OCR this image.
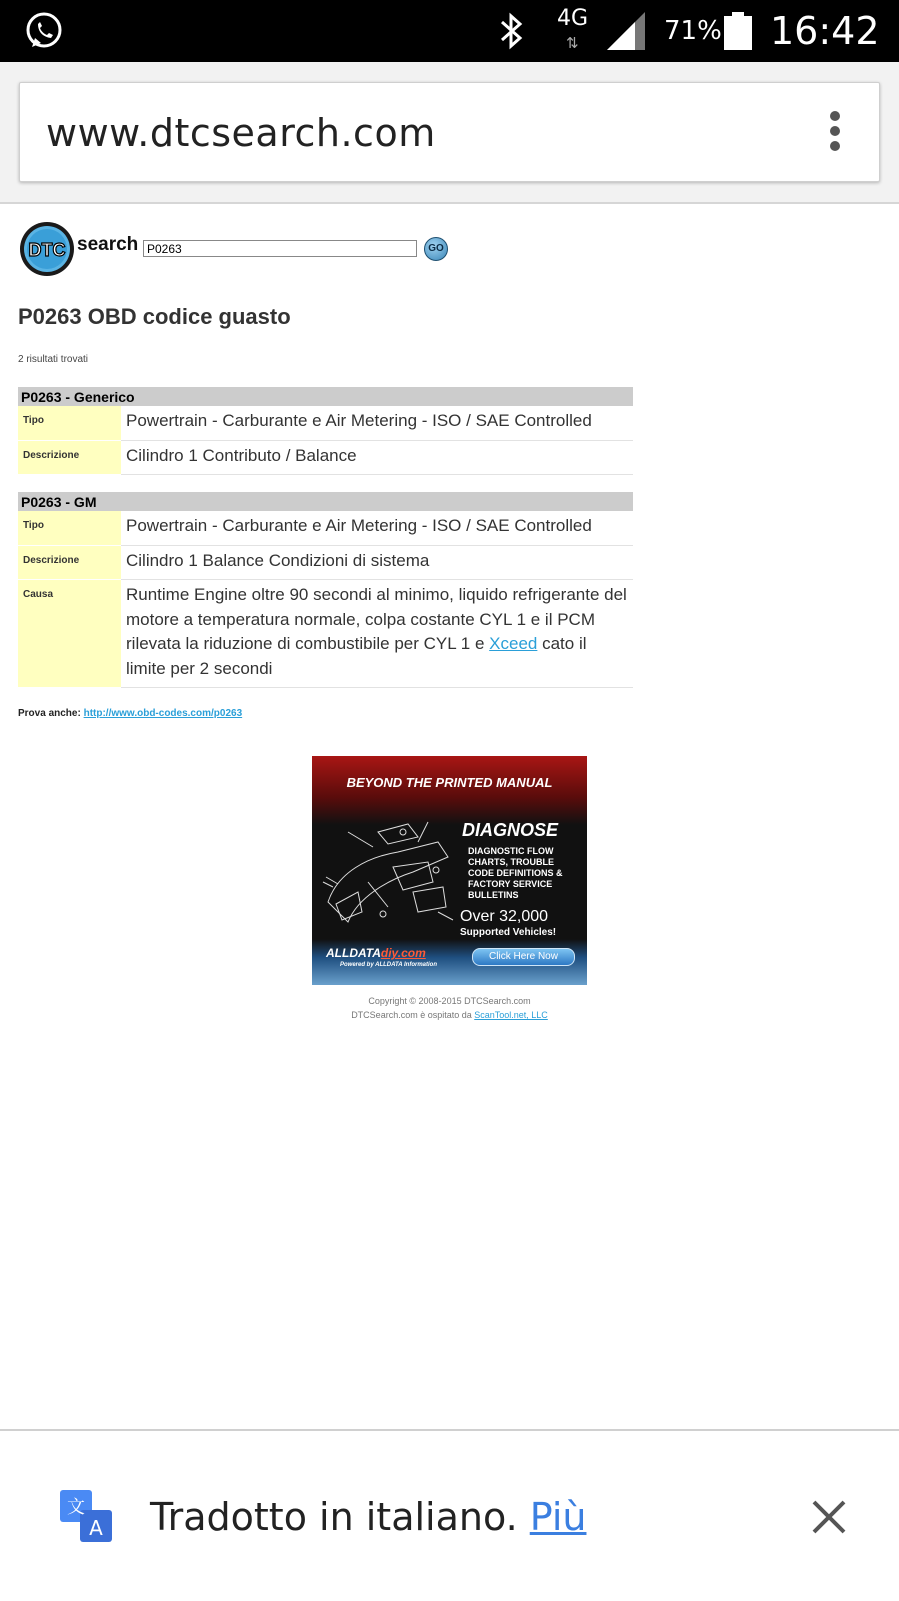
4G
⇅	71% 16:42
www.dtcsearch.com
DTC search
P0263	GO
P0263 OBD codice guasto
2 risultati trovati
P0263 - Generico	
Tipo	Powertrain - Carburante e Air Metering - ISO / SAE Controlled
Descrizione	Cilindro 1 Contributo / Balance
P0263 - GM	
Tipo	Powertrain - Carburante e Air Metering - ISO / SAE Controlled
Descrizione	Cilindro 1 Balance Condizioni di sistema
Causa	Runtime Engine oltre 90 secondi al minimo, liquido refrigerante del motore a temperatura normale, colpa costante CYL 1 e il PCM rilevata la riduzione di combustibile per CYL 1 e Xceed cato il limite per 2 secondi
Prova anche: http://www.obd-codes.com/p0263
BEYOND THE PRINTED MANUAL
DIAGNOSE
DIAGNOSTIC FLOW CHARTS, TROUBLE CODE DEFINITIONS & FACTORY SERVICE BULLETINS
Over 32,000
Supported Vehicles!
ALLDATAdiy.com
Powered by ALLDATA Information
Click Here Now
Copyright © 2008-2015 DTCSearch.com
DTCSearch.com è ospitato da ScanTool.net, LLC
文
A Tradotto in italiano. Più
